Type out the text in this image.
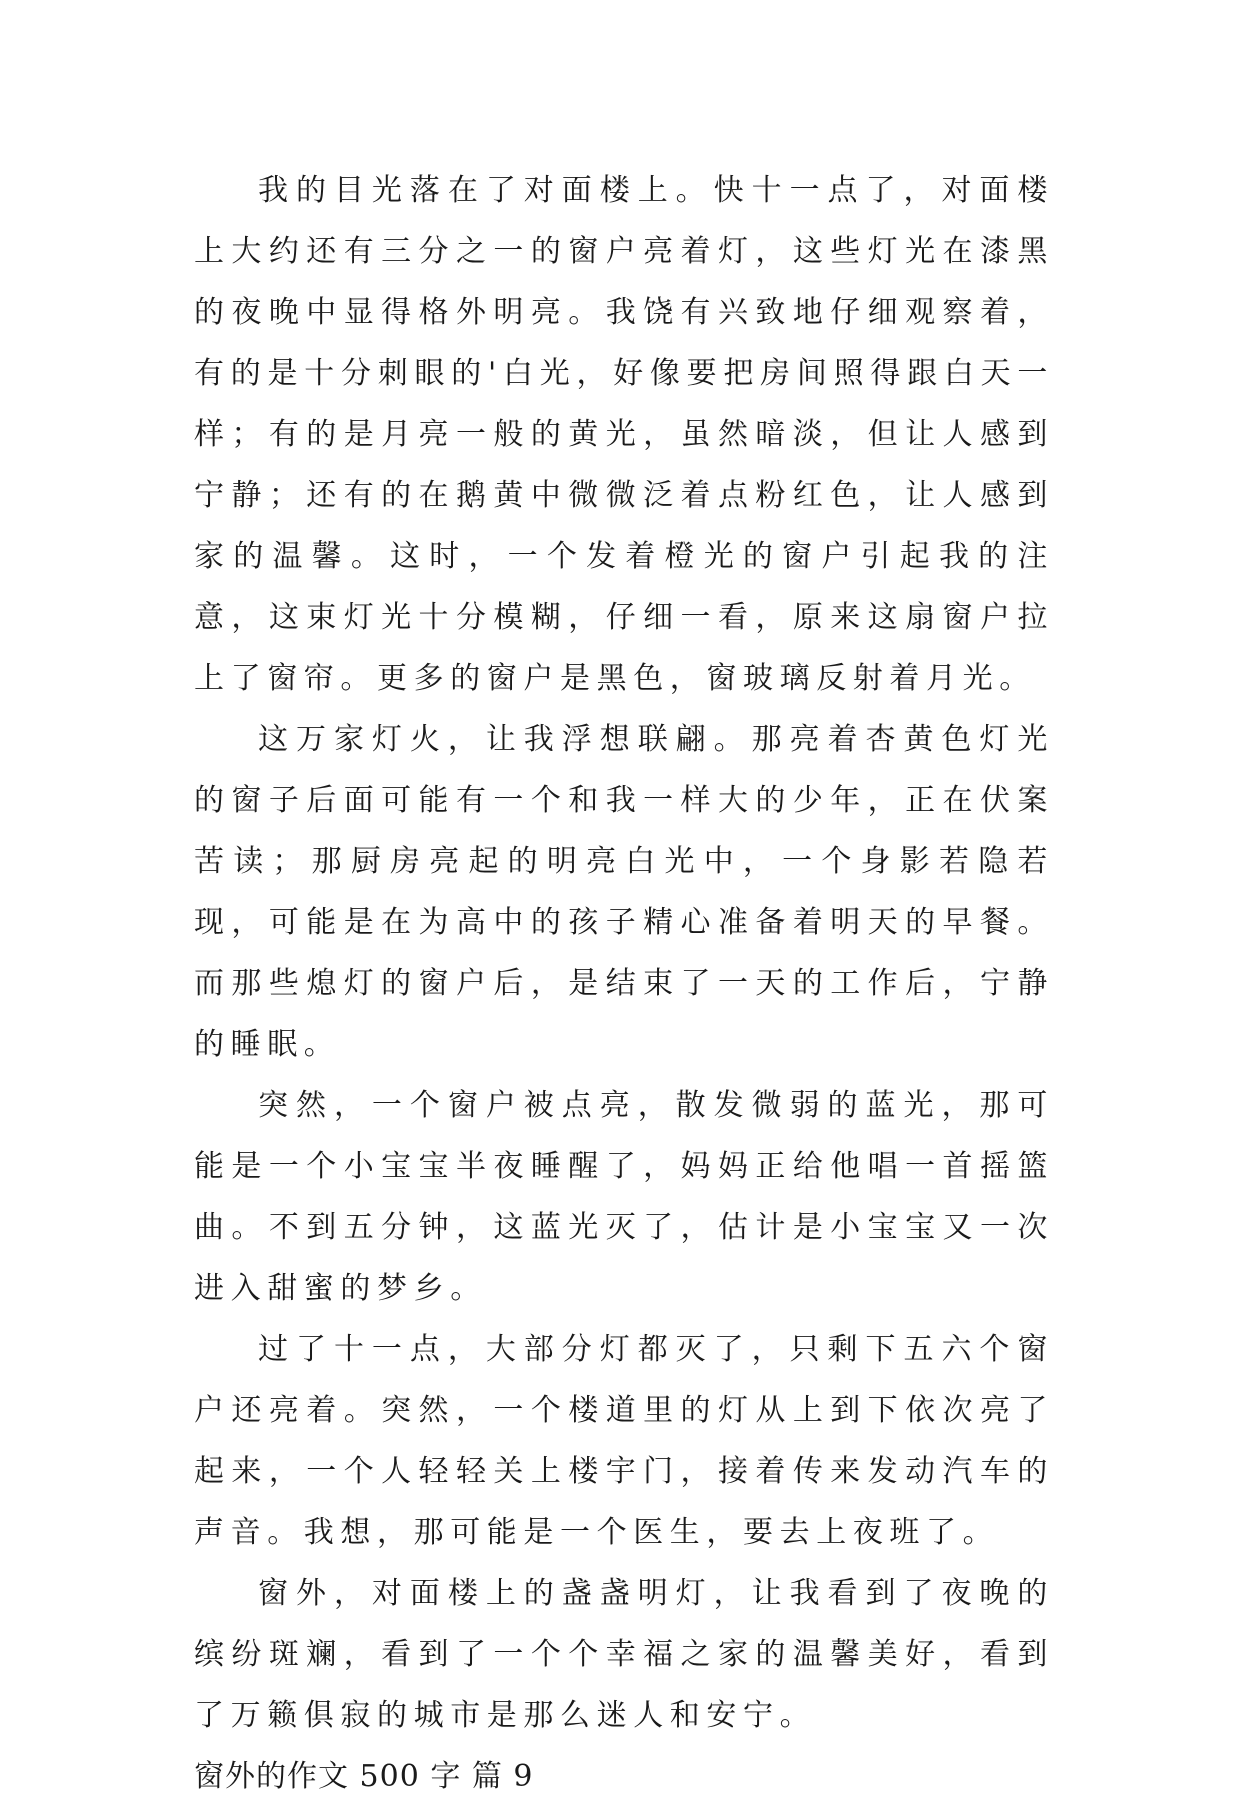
我的目光落在了对面楼上。快十一点了，对面楼上大约还有三分之一的窗户亮着灯，这些灯光在漆黑的夜晚中显得格外明亮。我饶有兴致地仔细观察着，有的是十分刺眼的'白光，好像要把房间照得跟白天一样；有的是月亮一般的黄光，虽然暗淡，但让人感到宁静；还有的在鹅黄中微微泛着点粉红色，让人感到家的温馨。这时，一个发着橙光的窗户引起我的注意，这束灯光十分模糊，仔细一看，原来这扇窗户拉上了窗帘。更多的窗户是黑色，窗玻璃反射着月光。

这万家灯火，让我浮想联翩。那亮着杏黄色灯光的窗子后面可能有一个和我一样大的少年，正在伏案苦读；那厨房亮起的明亮白光中，一个身影若隐若现，可能是在为高中的孩子精心准备着明天的早餐。而那些熄灯的窗户后，是结束了一天的工作后，宁静的睡眠。

突然，一个窗户被点亮，散发微弱的蓝光，那可能是一个小宝宝半夜睡醒了，妈妈正给他唱一首摇篮曲。不到五分钟，这蓝光灭了，估计是小宝宝又一次进入甜蜜的梦乡。

过了十一点，大部分灯都灭了，只剩下五六个窗户还亮着。突然，一个楼道里的灯从上到下依次亮了起来，一个人轻轻关上楼宇门，接着传来发动汽车的声音。我想，那可能是一个医生，要去上夜班了。

窗外，对面楼上的盏盏明灯，让我看到了夜晚的缤纷斑斓，看到了一个个幸福之家的温馨美好，看到了万籁俱寂的城市是那么迷人和安宁。

窗外的作文 500 字 篇 9
